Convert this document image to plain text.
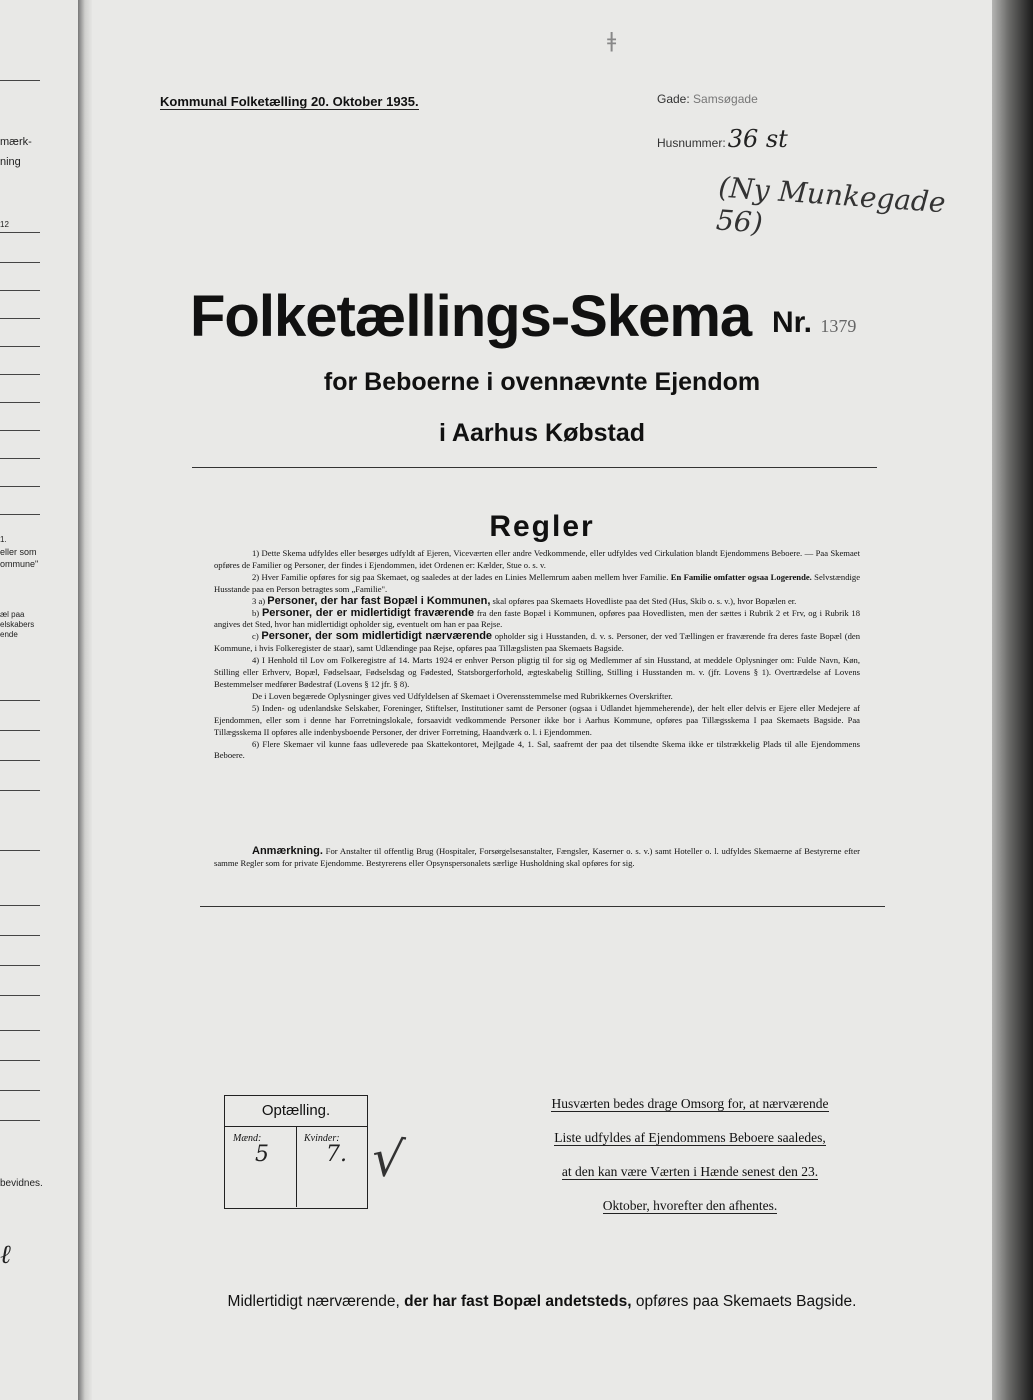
mærk-
ning
12
1.
eller som
ommune"
æl paa
elskabers
ende
bevidnes.
ℓ
ǂ
Kommunal Folketælling 20. Oktober 1935.	Gade: Samsøgade
Husnummer:36 st
(Ny Munkegade 56)
Folketællings-Skema Nr. 1379
for Beboerne i ovennævnte Ejendom
i Aarhus Købstad
Regler

1) Dette Skema udfyldes eller besørges udfyldt af Ejeren, Viceværten eller andre Vedkommende, eller udfyldes ved Cirkulation blandt Ejendommens Beboere. — Paa Skemaet opføres de Familier og Personer, der findes i Ejendommen, idet Ordenen er: Kælder, Stue o. s. v.

2) Hver Familie opføres for sig paa Skemaet, og saaledes at der lades en Linies Mellemrum aaben mellem hver Familie. En Familie omfatter ogsaa Logerende. Selvstændige Husstande paa en Person betragtes som „Familie".

3 a) Personer, der har fast Bopæl i Kommunen, skal opføres paa Skemaets Hovedliste paa det Sted (Hus, Skib o. s. v.), hvor Bopælen er.

b) Personer, der er midlertidigt fraværende fra den faste Bopæl i Kommunen, opføres paa Hovedlisten, men der sættes i Rubrik 2 et Frv, og i Rubrik 18 angives det Sted, hvor han midlertidigt opholder sig, eventuelt om han er paa Rejse.

c) Personer, der som midlertidigt nærværende opholder sig i Husstanden, d. v. s. Personer, der ved Tællingen er fraværende fra deres faste Bopæl (den Kommune, i hvis Folkeregister de staar), samt Udlændinge paa Rejse, opføres paa Tillægslisten paa Skemaets Bagside.

4) I Henhold til Lov om Folkeregistre af 14. Marts 1924 er enhver Person pligtig til for sig og Medlemmer af sin Husstand, at meddele Oplysninger om: Fulde Navn, Køn, Stilling eller Erhverv, Bopæl, Fødselsaar, Fødselsdag og Fødested, Statsborgerforhold, ægteskabelig Stilling, Stilling i Husstanden m. v. (jfr. Lovens § 1). Overtrædelse af Lovens Bestemmelser medfører Bødestraf (Lovens § 12 jfr. § 8).

De i Loven begærede Oplysninger gives ved Udfyldelsen af Skemaet i Overensstemmelse med Rubrikkernes Overskrifter.

5) Inden- og udenlandske Selskaber, Foreninger, Stiftelser, Institutioner samt de Personer (ogsaa i Udlandet hjemmeherende), der helt eller delvis er Ejere eller Medejere af Ejendommen, eller som i denne har Forretningslokale, forsaavidt vedkommende Personer ikke bor i Aarhus Kommune, opføres paa Tillægsskema I paa Skemaets Bagside. Paa Tillægsskema II opføres alle indenbysboende Personer, der driver Forretning, Haandværk o. l. i Ejendommen.

6) Flere Skemaer vil kunne faas udleverede paa Skattekontoret, Mejlgade 4, 1. Sal, saafremt der paa det tilsendte Skema ikke er tilstrækkelig Plads til alle Ejendommens Beboere.

Anmærkning. For Anstalter til offentlig Brug (Hospitaler, Forsørgelsesanstalter, Fængsler, Kaserner o. s. v.) samt Hoteller o. l. udfyldes Skemaerne af Bestyrerne efter samme Regler som for private Ejendomme. Bestyrerens eller Opsynspersonalets særlige Husholdning skal opføres for sig.
Optælling.
Mænd:
5
Kvinder:
7. √
Husværten bedes drage Omsorg for, at nærværende
Liste udfyldes af Ejendommens Beboere saaledes,
at den kan være Værten i Hænde senest den 23.
Oktober, hvorefter den afhentes.
Midlertidigt nærværende, der har fast Bopæl andetsteds, opføres paa Skemaets Bagside.
